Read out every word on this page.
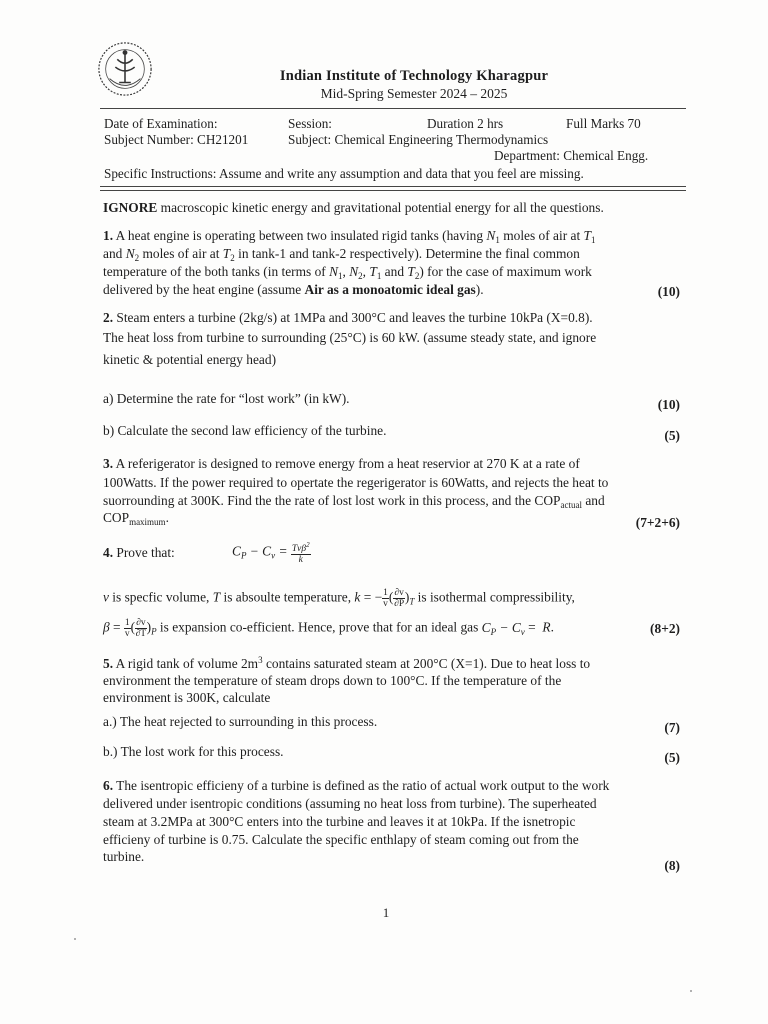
Indian Institute of Technology Kharagpur
Mid-Spring Semester 2024 – 2025
Date of Examination:	Session:	Duration 2 hrs	Full Marks 70
Subject Number: CH21201	Subject: Chemical Engineering Thermodynamics
Department: Chemical Engg.
Specific Instructions: Assume and write any assumption and data that you feel are missing.
IGNORE macroscopic kinetic energy and gravitational potential energy for all the questions.
1. A heat engine is operating between two insulated rigid tanks (having $N_1$ moles of air at $T_1$
and $N_2$ moles of air at $T_2$ in tank-1 and tank-2 respectively). Determine the final common
temperature of the both tanks (in terms of $N_1$, $N_2$, $T_1$ and $T_2$) for the case of maximum work
delivered by the heat engine (assume Air as a monoatomic ideal gas).	(10)
2. Steam enters a turbine (2kg/s) at 1MPa and 300°C and leaves the turbine 10kPa (X=0.8).
The heat loss from turbine to surrounding (25°C) is 60 kW. (assume steady state, and ignore
kinetic & potential energy head)
a) Determine the rate for “lost work” (in kW).	(10)
b) Calculate the second law efficiency of the turbine.	(5)
3. A referigerator is designed to remove energy from a heat reservior at 270 K at a rate of
100Watts. If the power required to opertate the regerigerator is 60Watts, and rejects the heat to
suorrounding at 300K. Find the the rate of lost lost work in this process, and the $COP_{actual}$ and
$COP_{maximum}$.	(7+2+6)
4. Prove that:	$C_P - C_v = \frac{Tv\beta^2}{k}$
v is specfic volume, T is absoulte temperature, k = − $\frac{1}{v}$ ( $\frac{\partial v}{\partial P} )_T$ is isothermal compressibility,
$\beta = \frac{1}{v}$ ( $\frac{\partial v}{\partial T} )_P$ is expansion co-efficient. Hence, prove that for an ideal gas $C_P - C_v = R$.	(8+2)
5. A rigid tank of volume $2m^3$ contains saturated steam at 200°C (X=1). Due to heat loss to
environment the temperature of steam drops down to 100°C. If the temperature of the
environment is 300K, calculate
a.) The heat rejected to surrounding in this process.	(7)
b.) The lost work for this process.	(5)
6. The isentropic efficieny of a turbine is defined as the ratio of actual work output to the work
delivered under isentropic conditions (assuming no heat loss from turbine). The superheated
steam at 3.2MPa at 300°C enters into the turbine and leaves it at 10kPa. If the isnetropic
efficieny of turbine is 0.75. Calculate the specific enthlapy of steam coming out from the
turbine.
(8)
1
